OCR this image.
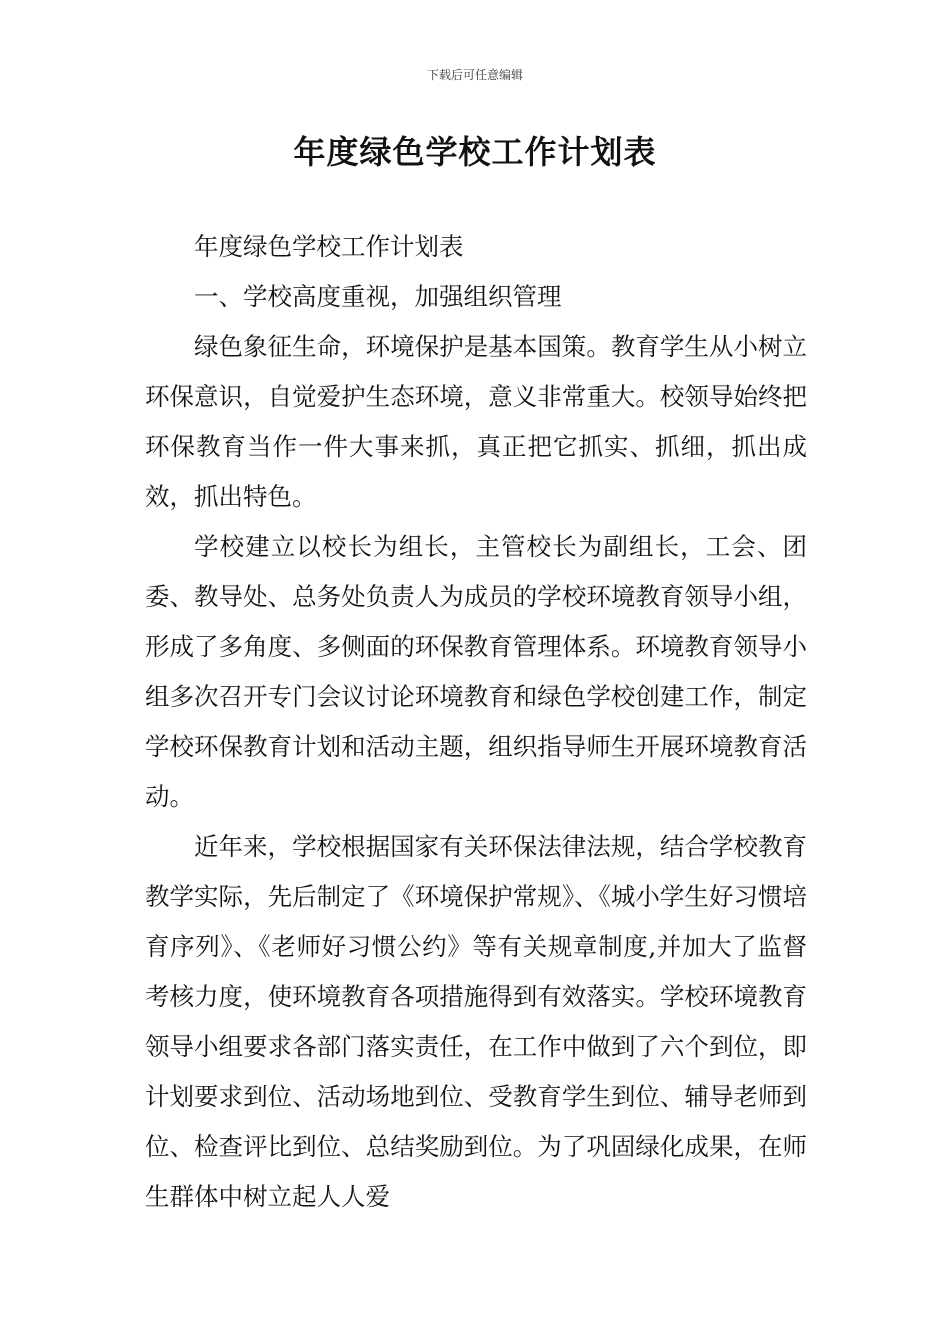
下载后可任意编辑
年度绿色学校工作计划表

年度绿色学校工作计划表

一、学校高度重视，加强组织管理

绿色象征生命，环境保护是基本国策。教育学生从小树立环保意识，自觉爱护生态环境，意义非常重大。校领导始终把环保教育当作一件大事来抓，真正把它抓实、抓细，抓出成效，抓出特色。

学校建立以校长为组长，主管校长为副组长，工会、团委、教导处、总务处负责人为成员的学校环境教育领导小组，形成了多角度、多侧面的环保教育管理体系。环境教育领导小组多次召开专门会议讨论环境教育和绿色学校创建工作，制定学校环保教育计划和活动主题，组织指导师生开展环境教育活动。

近年来，学校根据国家有关环保法律法规，结合学校教育教学实际，先后制定了《环境保护常规》、《城小学生好习惯培育序列》、《老师好习惯公约》等有关规章制度,并加大了监督考核力度，使环境教育各项措施得到有效落实。学校环境教育领导小组要求各部门落实责任，在工作中做到了六个到位，即计划要求到位、活动场地到位、受教育学生到位、辅导老师到位、检查评比到位、总结奖励到位。为了巩固绿化成果，在师生群体中树立起人人爱
